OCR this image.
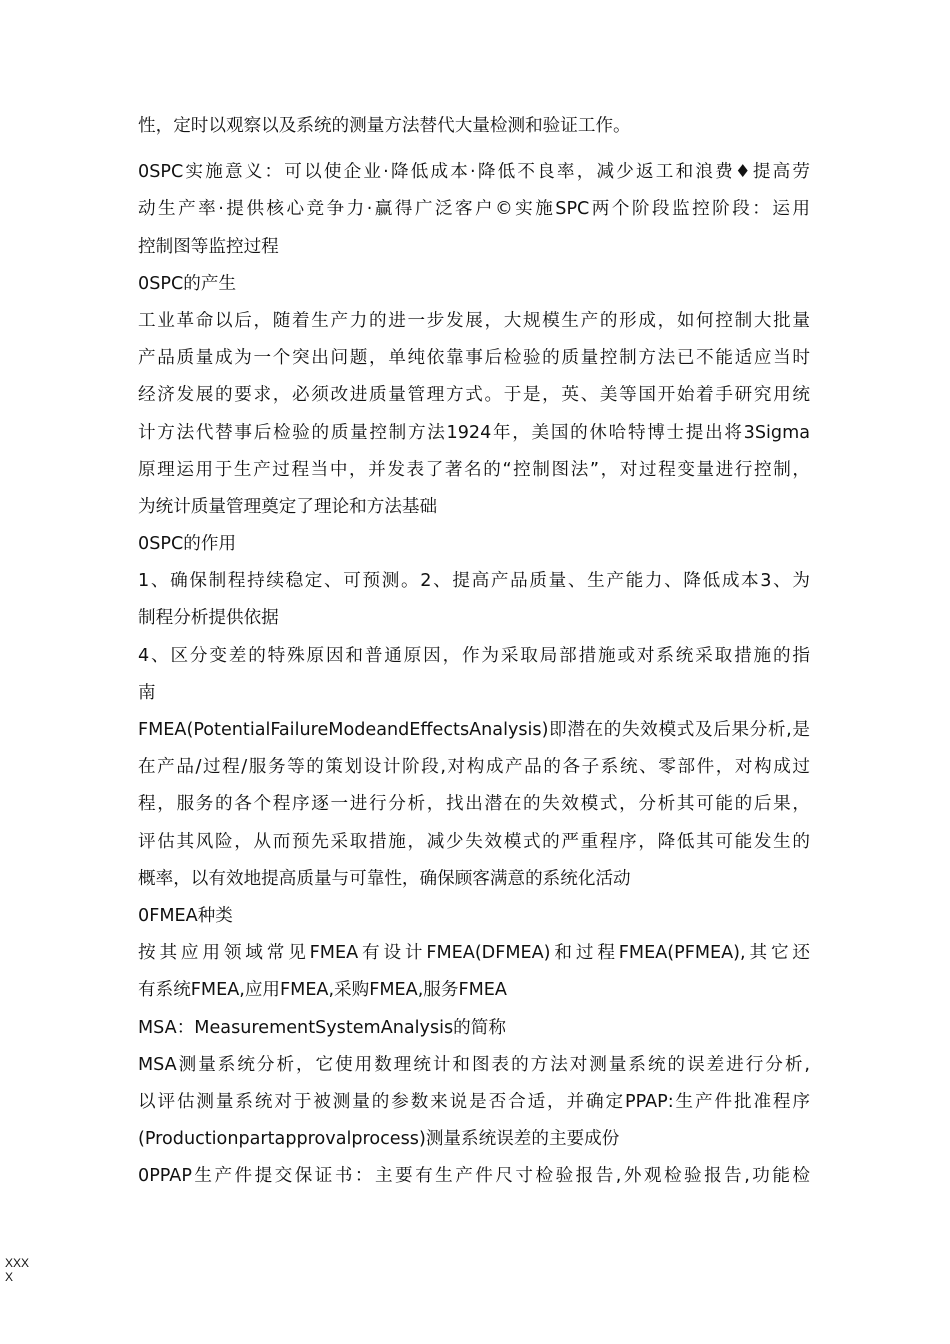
性，定时以观察以及系统的测量方法替代大量检测和验证工作。
0SPC实施意义：可以使企业·降低成本·降低不良率，减少返工和浪费♦提高劳
动生产率·提供核心竞争力·赢得广泛客户©实施SPC两个阶段监控阶段：运用
控制图等监控过程
0SPC的产生
工业革命以后，随着生产力的进一步发展，大规模生产的形成，如何控制大批量
产品质量成为一个突出问题，单纯依靠事后检验的质量控制方法已不能适应当时
经济发展的要求，必须改进质量管理方式。于是，英、美等国开始着手研究用统
计方法代替事后检验的质量控制方法1924年，美国的休哈特博士提出将3Sigma
原理运用于生产过程当中，并发表了著名的“控制图法”，对过程变量进行控制，
为统计质量管理奠定了理论和方法基础
0SPC的作用
1、确保制程持续稳定、可预测。2、提高产品质量、生产能力、降低成本3、为
制程分析提供依据
4、区分变差的特殊原因和普通原因，作为采取局部措施或对系统采取措施的指
南
FMEA(PotentialFailureModeandEffectsAnalysis)即潜在的失效模式及后果分析,是
在产品/过程/服务等的策划设计阶段,对构成产品的各子系统、零部件，对构成过
程，服务的各个程序逐一进行分析，找出潜在的失效模式，分析其可能的后果，
评估其风险，从而预先采取措施，减少失效模式的严重程序，降低其可能发生的
概率，以有效地提高质量与可靠性，确保顾客满意的系统化活动
0FMEA种类
按其应用领域常见FMEA有设计FMEA(DFMEA)和过程FMEA(PFMEA),其它还
有系统FMEA,应用FMEA,采购FMEA,服务FMEA
MSA：MeasurementSystemAnalysis的简称
MSA测量系统分析，它使用数理统计和图表的方法对测量系统的误差进行分析,
以评估测量系统对于被测量的参数来说是否合适，并确定PPAP:生产件批准程序
(Productionpartapprovalprocess)测量系统误差的主要成份
0PPAP生产件提交保证书：主要有生产件尺寸检验报告,外观检验报告,功能检
XXX
X
